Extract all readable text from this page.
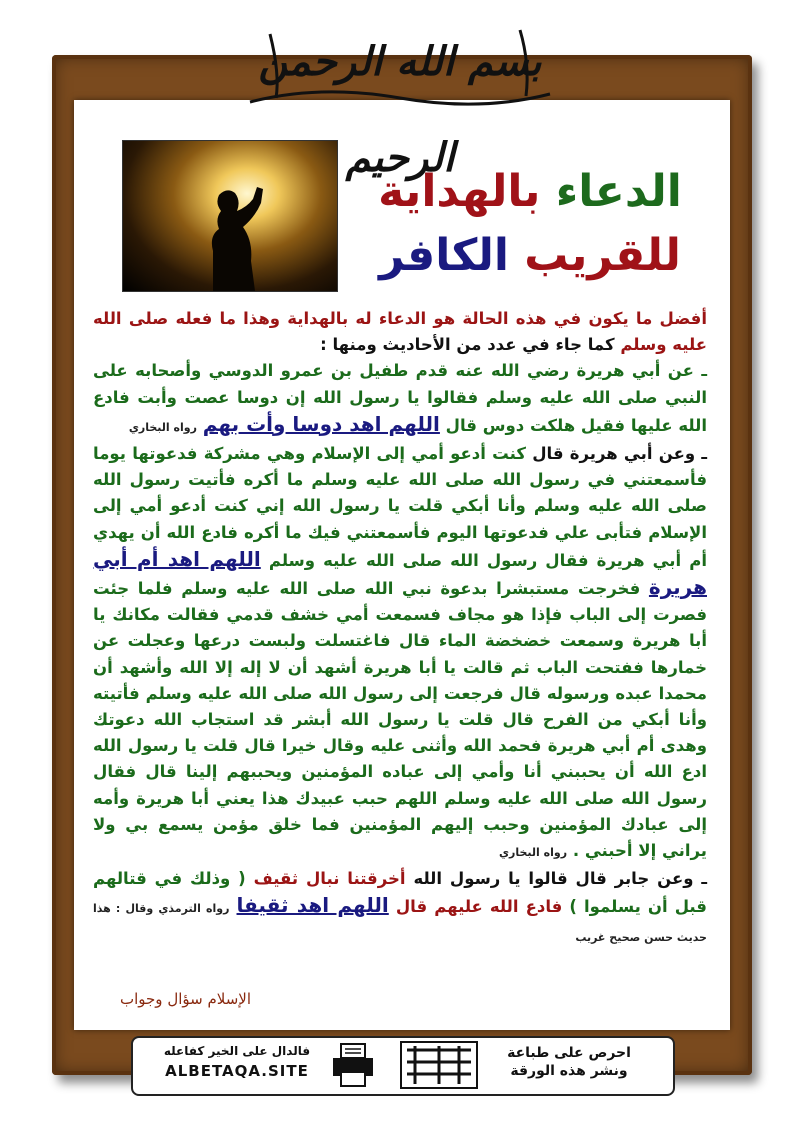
بسم الله الرحمن الرحيم
الدعاء بالهداية
للقريب الكافر
أفضل ما يكون في هذه الحالة هو الدعاء له بالهداية وهذا ما فعله صلى الله عليه وسلم كما جاء في عدد من الأحاديث ومنها :
ـ عن أبي هريرة رضي الله عنه قدم طفيل بن عمرو الدوسي وأصحابه على النبي صلى الله عليه وسلم فقالوا يا رسول الله إن دوسا عصت وأبت فادع الله عليها فقيل هلكت دوس قال اللهم اهد دوسا وأت بهم رواه البخاري
ـ وعن أبي هريرة قال كنت أدعو أمي إلى الإسلام وهي مشركة فدعوتها يوما فأسمعتني في رسول الله صلى الله عليه وسلم ما أكره فأتيت رسول الله صلى الله عليه وسلم وأنا أبكي قلت يا رسول الله إني كنت أدعو أمي إلى الإسلام فتأبى علي فدعوتها اليوم فأسمعتني فيك ما أكره فادع الله أن يهدي أم أبي هريرة فقال رسول الله صلى الله عليه وسلم اللهم اهد أم أبي هريرة فخرجت مستبشرا بدعوة نبي الله صلى الله عليه وسلم فلما جئت فصرت إلى الباب فإذا هو مجاف فسمعت أمي خشف قدمي فقالت مكانك يا أبا هريرة وسمعت خضخضة الماء قال فاغتسلت ولبست درعها وعجلت عن خمارها ففتحت الباب ثم قالت يا أبا هريرة أشهد أن لا إله إلا الله وأشهد أن محمدا عبده ورسوله قال فرجعت إلى رسول الله صلى الله عليه وسلم فأتيته وأنا أبكي من الفرح قال قلت يا رسول الله أبشر قد استجاب الله دعوتك وهدى أم أبي هريرة فحمد الله وأثنى عليه وقال خيرا قال قلت يا رسول الله ادع الله أن يحببني أنا وأمي إلى عباده المؤمنين ويحببهم إلينا قال فقال رسول الله صلى الله عليه وسلم اللهم حبب عبيدك هذا يعني أبا هريرة وأمه إلى عبادك المؤمنين وحبب إليهم المؤمنين فما خلق مؤمن يسمع بي ولا يراني إلا أحبني . رواه البخاري
ـ وعن جابر قال قالوا يا رسول الله أخرقتنا نبال ثقيف ( وذلك في قتالهم قبل أن يسلموا ) فادع الله عليهم قال اللهم اهد ثقيفا رواه الترمذي وقال : هذا حديث حسن صحيح غريب
الإسلام سؤال وجواب
فالدال على الخير كفاعله
ALBETAQA.SITE
احرص على طباعة
ونشر هذه الورقة
